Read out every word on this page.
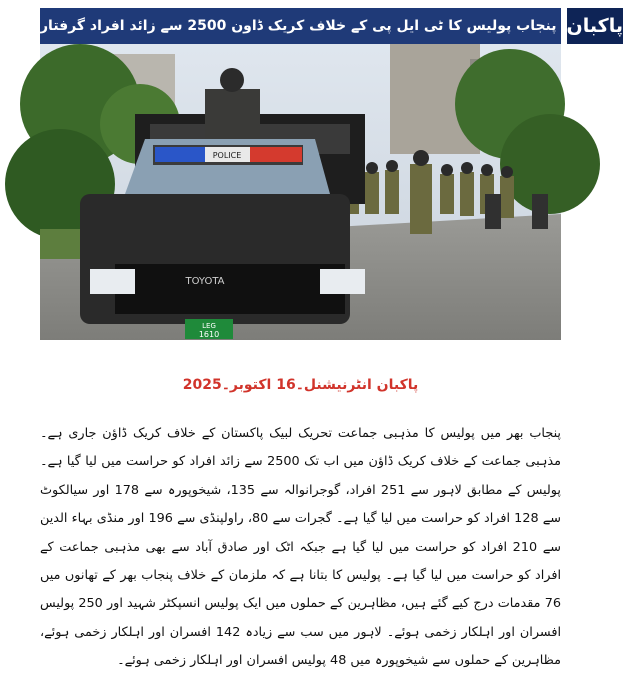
پاکبان
پنجاب پولیس کا ٹی ایل پی کے خلاف کریک ڈاون 2500 سے زائد افراد گرفتار
POLICE
TOYOTA
LEG
1610
پاکبان انٹرنیشنل۔16 اکتوبر۔2025

پنجاب بھر میں پولیس کا مذہبی جماعت تحریک لبیک پاکستان کے خلاف کریک ڈاؤن جاری ہے۔ مذہبی جماعت کے خلاف کریک ڈاؤن میں اب تک 2500 سے زائد افراد کو حراست میں لیا گیا ہے۔ پولیس کے مطابق لاہور سے 251 افراد، گوجرانوالہ سے 135، شیخوپورہ سے 178 اور سیالکوٹ سے 128 افراد کو حراست میں لیا گیا ہے۔ گجرات سے 80، راولپنڈی سے 196 اور منڈی بہاء الدین سے 210 افراد کو حراست میں لیا گیا ہے جبکہ اٹک اور صادق آباد سے بھی مذہبی جماعت کے افراد کو حراست میں لیا گیا ہے۔ پولیس کا بتانا ہے کہ ملزمان کے خلاف پنجاب بھر کے تھانوں میں 76 مقدمات درج کیے گئے ہیں، مظاہرین کے حملوں میں ایک پولیس انسپکٹر شہید اور 250 پولیس افسران اور اہلکار زخمی ہوئے۔ لاہور میں سب سے زیادہ 142 افسران اور اہلکار زخمی ہوئے، مظاہرین کے حملوں سے شیخوپورہ میں 48 پولیس افسران اور اہلکار زخمی ہوئے۔
